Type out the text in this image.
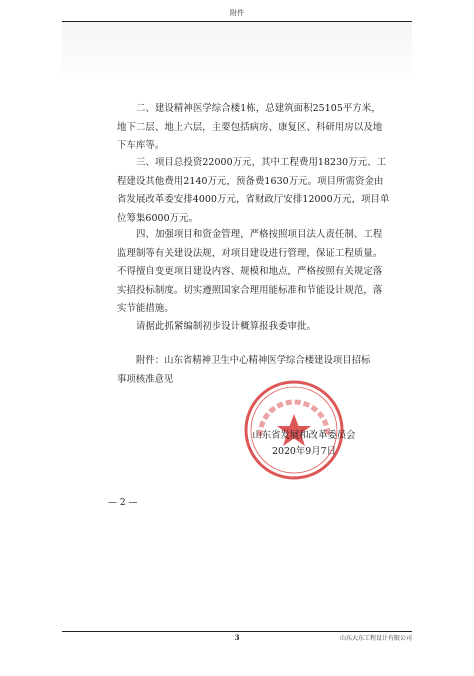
附件
二、建设精神医学综合楼1栋，总建筑面积25105平方米，
地下二层、地上六层，主要包括病房、康复区、科研用房以及地
下车库等。
三、项目总投资22000万元，其中工程费用18230万元、工
程建设其他费用2140万元，预备费1630万元。项目所需资金由
省发展改革委安排4000万元，省财政厅安排12000万元，项目单
位筹集6000万元。
四、加强项目和资金管理，严格按照项目法人责任制、工程
监理制等有关建设法规，对项目建设进行管理，保证工程质量。
不得擅自变更项目建设内容、规模和地点，严格按照有关规定落
实招投标制度。切实遵照国家合理用能标准和节能设计规范，落
实节能措施。
请据此抓紧编制初步设计概算报我委审批。
附件：山东省精神卫生中心精神医学综合楼建设项目招标
事项核准意见
山东省发展和改革委员会
2020年9月7日
— 2 —
3	山东大东工程设计有限公司
